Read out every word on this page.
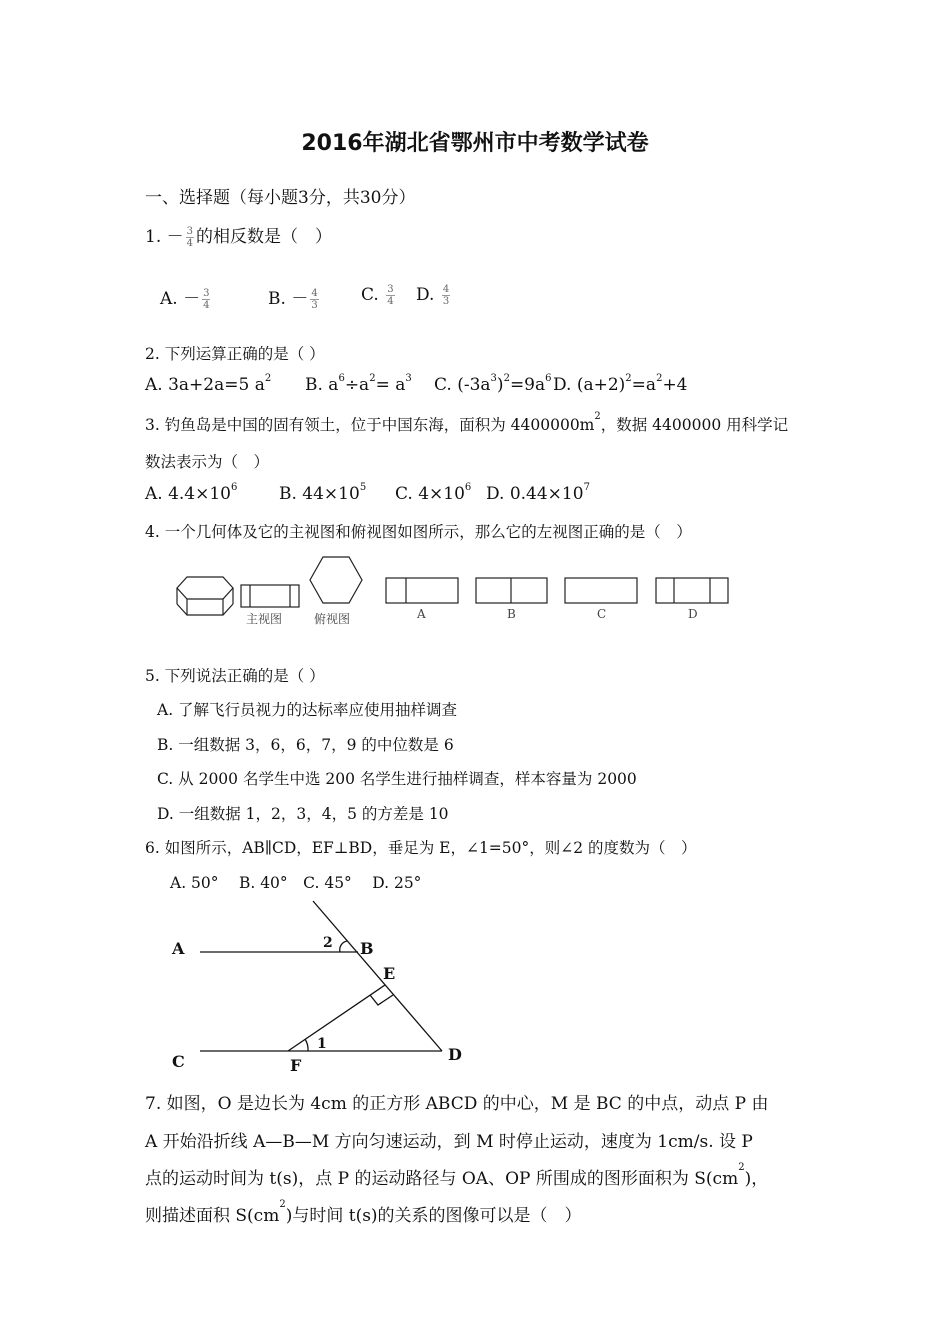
2016年湖北省鄂州市中考数学试卷
一、选择题（每小题3分，共30分）
1. － $\frac{3}{4}$ 的相反数是（　）
A. － $\frac{3}{4}$	B. － $\frac{4}{3} C$. $\frac{3}{4} D$. $\frac{4}{3}$
2. 下列运算正确的是（ ）
A. 3a+2a=5 $a^2$ B. $a^6\div a^2= a^3$ C. $(-3a^3)^2=9a^6$ D. $(a+2)^2=a^2+4$
3. 钓鱼岛是中国的固有领土，位于中国东海，面积为 $4400000m^2$，数据 4400000 用科学记
数法表示为（　）
A. $4.4\times 10^6$ B. $44\times 10^5$ C. $4\times 10^6$ D. $0.44\times 10^7$
4. 一个几何体及它的主视图和俯视图如图所示，那么它的左视图正确的是（　）
主视图	俯视图	A	B	C	D
5. 下列说法正确的是（ ）
A. 了解飞行员视力的达标率应使用抽样调查
B. 一组数据 3，6，6，7，9 的中位数是 6
C. 从 2000 名学生中选 200 名学生进行抽样调查，样本容量为 2000
D. 一组数据 1，2，3，4，5 的方差是 10
6. 如图所示，AB∥CD，EF⊥BD，垂足为 E，∠1=50°，则∠2 的度数为（　）
A. 50°　 B. 40°　C. 45°　 D. 25°
A	B
C	D
E
F
1
2
7. 如图，O 是边长为 4cm 的正方形 ABCD 的中心，M 是 BC 的中点，动点 P 由
A 开始沿折线 A—B—M 方向匀速运动，到 M 时停止运动，速度为 1cm/s. 设 P
点的运动时间为 t(s)，点 P 的运动路径与 OA、OP 所围成的图形面积为 $S(cm^2)$，
则描述面积 $S(cm^2)$与时间 t(s)的关系的图像可以是（　）
